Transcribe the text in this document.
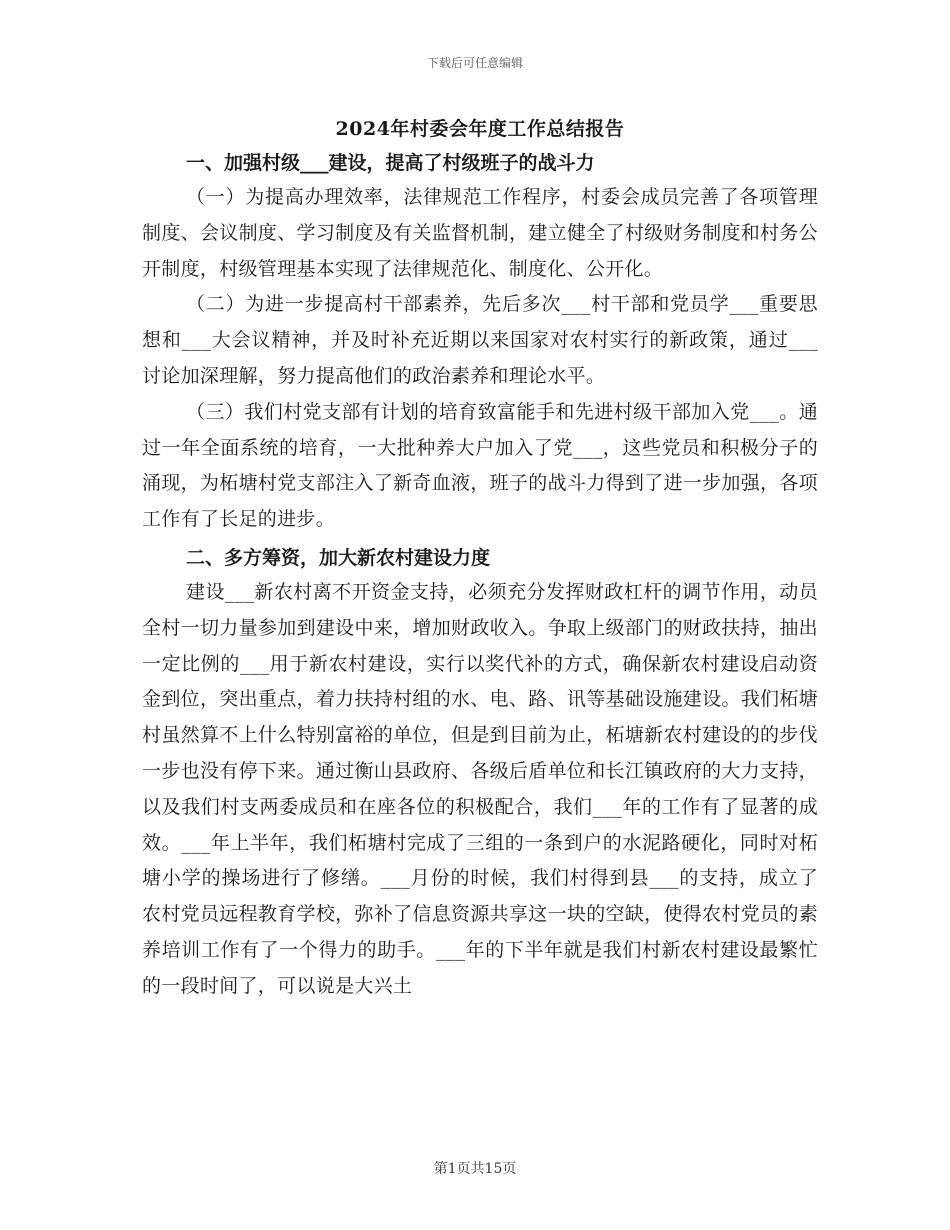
下载后可任意编辑
2024年村委会年度工作总结报告
一、加强村级___建设，提高了村级班子的战斗力

（一）为提高办理效率，法律规范工作程序，村委会成员完善了各项管理制度、会议制度、学习制度及有关监督机制，建立健全了村级财务制度和村务公开制度，村级管理基本实现了法律规范化、制度化、公开化。

（二）为进一步提高村干部素养，先后多次___村干部和党员学___重要思想和___大会议精神，并及时补充近期以来国家对农村实行的新政策，通过___讨论加深理解，努力提高他们的政治素养和理论水平。

（三）我们村党支部有计划的培育致富能手和先进村级干部加入党___。通过一年全面系统的培育，一大批种养大户加入了党___，这些党员和积极分子的涌现，为柘塘村党支部注入了新奇血液，班子的战斗力得到了进一步加强，各项工作有了长足的进步。

二、多方筹资，加大新农村建设力度

建设___新农村离不开资金支持，必须充分发挥财政杠杆的调节作用，动员全村一切力量参加到建设中来，增加财政收入。争取上级部门的财政扶持，抽出一定比例的___用于新农村建设，实行以奖代补的方式，确保新农村建设启动资金到位，突出重点，着力扶持村组的水、电、路、讯等基础设施建设。我们柘塘村虽然算不上什么特别富裕的单位，但是到目前为止，柘塘新农村建设的的步伐一步也没有停下来。通过衡山县政府、各级后盾单位和长江镇政府的大力支持，以及我们村支两委成员和在座各位的积极配合，我们___年的工作有了显著的成效。___年上半年，我们柘塘村完成了三组的一条到户的水泥路硬化，同时对柘塘小学的操场进行了修缮。___月份的时候，我们村得到县___的支持，成立了农村党员远程教育学校，弥补了信息资源共享这一块的空缺，使得农村党员的素养培训工作有了一个得力的助手。___年的下半年就是我们村新农村建设最繁忙的一段时间了，可以说是大兴土

第1页共15页
